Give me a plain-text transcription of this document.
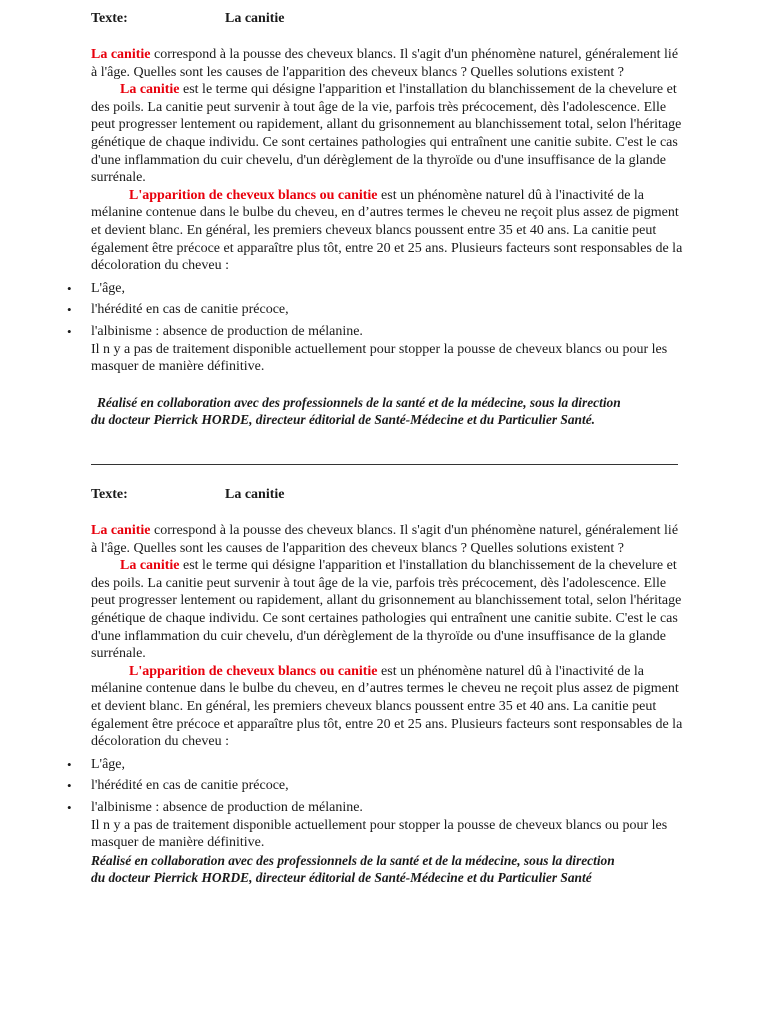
Texte:	La canitie

La canitie correspond à la pousse des cheveux blancs. Il s'agit d'un phénomène naturel, généralement lié à l'âge. Quelles sont les causes de l'apparition des cheveux blancs ? Quelles solutions existent ?

La canitie est le terme qui désigne l'apparition et l'installation du blanchissement de la chevelure et des poils. La canitie peut survenir à tout âge de la vie, parfois très précocement, dès l'adolescence. Elle peut progresser lentement ou rapidement, allant du grisonnement au blanchissement total, selon l'héritage génétique de chaque individu. Ce sont certaines pathologies qui entraînent une canitie subite. C'est le cas d'une inflammation du cuir chevelu, d'un dérèglement de la thyroïde ou d'une insuffisance de la glande surrénale.

L'apparition de cheveux blancs ou canitie est un phénomène naturel dû à l'inactivité de la mélanine contenue dans le bulbe du cheveu, en d’autres termes le cheveu ne reçoit plus assez de pigment et devient blanc. En général, les premiers cheveux blancs poussent entre 35 et 40 ans. La canitie peut également être précoce et apparaître plus tôt, entre 20 et 25 ans. Plusieurs facteurs sont responsables de la décoloration du cheveu :

• L'âge,
• l'hérédité en cas de canitie précoce,
• l'albinisme : absence de production de mélanine.

Il n y a pas de traitement disponible actuellement pour stopper la pousse de cheveux blancs ou pour les masquer de manière définitive.

Réalisé en collaboration avec des professionnels de la santé et de la médecine, sous la direction

du docteur Pierrick HORDE, directeur éditorial de Santé-Médecine et du Particulier Santé.

Texte:	La canitie

La canitie correspond à la pousse des cheveux blancs. Il s'agit d'un phénomène naturel, généralement lié à l'âge. Quelles sont les causes de l'apparition des cheveux blancs ? Quelles solutions existent ?

La canitie est le terme qui désigne l'apparition et l'installation du blanchissement de la chevelure et des poils. La canitie peut survenir à tout âge de la vie, parfois très précocement, dès l'adolescence. Elle peut progresser lentement ou rapidement, allant du grisonnement au blanchissement total, selon l'héritage génétique de chaque individu. Ce sont certaines pathologies qui entraînent une canitie subite. C'est le cas d'une inflammation du cuir chevelu, d'un dérèglement de la thyroïde ou d'une insuffisance de la glande surrénale.

L'apparition de cheveux blancs ou canitie est un phénomène naturel dû à l'inactivité de la mélanine contenue dans le bulbe du cheveu, en d’autres termes le cheveu ne reçoit plus assez de pigment et devient blanc. En général, les premiers cheveux blancs poussent entre 35 et 40 ans. La canitie peut également être précoce et apparaître plus tôt, entre 20 et 25 ans. Plusieurs facteurs sont responsables de la décoloration du cheveu :

• L'âge,
• l'hérédité en cas de canitie précoce,
• l'albinisme : absence de production de mélanine.

Il n y a pas de traitement disponible actuellement pour stopper la pousse de cheveux blancs ou pour les masquer de manière définitive.

Réalisé en collaboration avec des professionnels de la santé et de la médecine, sous la direction

du docteur Pierrick HORDE, directeur éditorial de Santé-Médecine et du Particulier Santé
